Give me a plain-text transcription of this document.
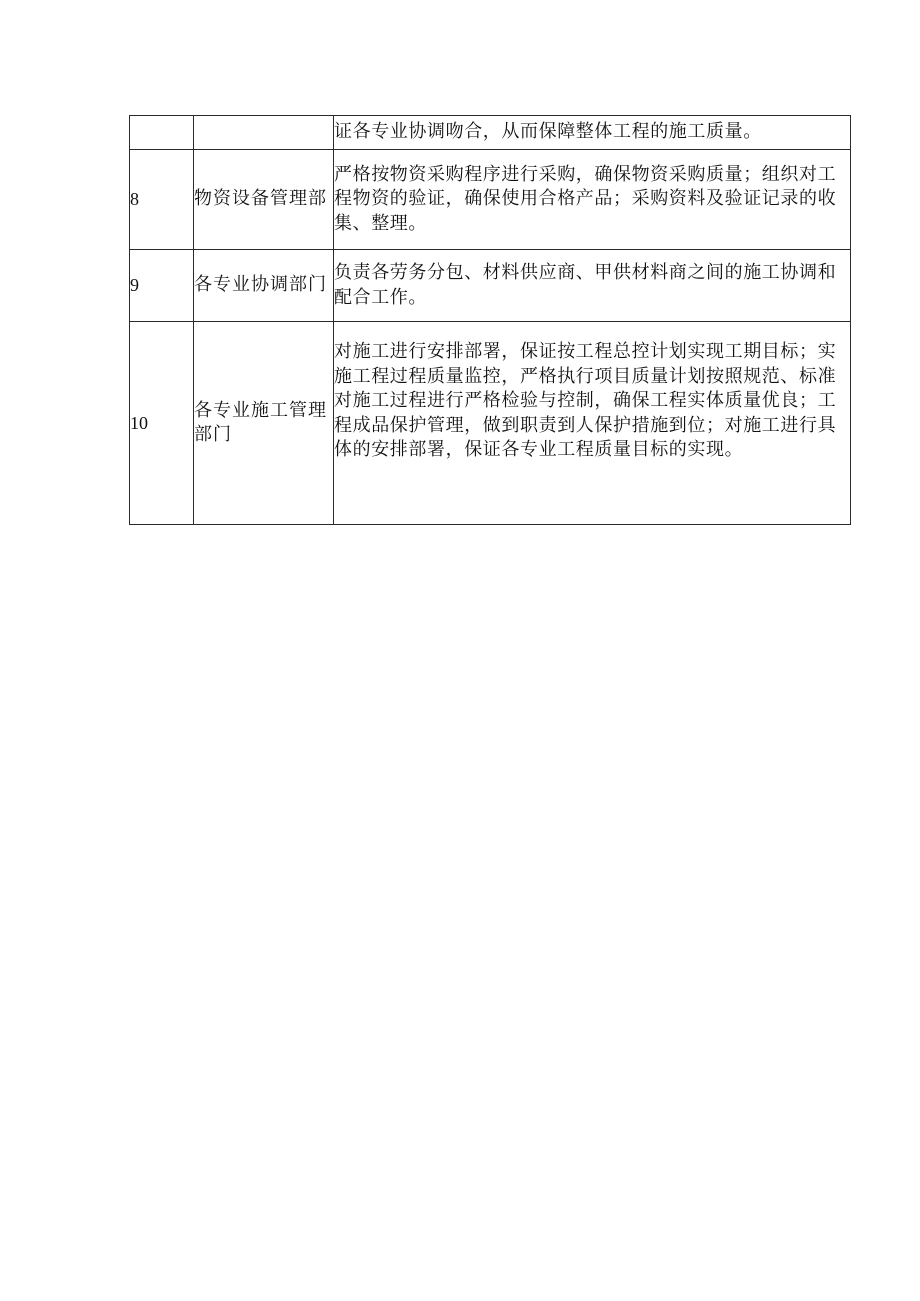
		证各专业协调吻合，从而保障整体工程的施工质量。
8	物资设备管理部	严格按物资采购程序进行采购，确保物资采购质量；组织对工程物资的验证，确保使用合格产品；采购资料及验证记录的收集、整理。
9	各专业协调部门	负责各劳务分包、材料供应商、甲供材料商之间的施工协调和配合工作。
10	各专业施工管理部门	对施工进行安排部署，保证按工程总控计划实现工期目标；实施工程过程质量监控，严格执行项目质量计划按照规范、标准对施工过程进行严格检验与控制，确保工程实体质量优良；工程成品保护管理，做到职责到人保护措施到位；对施工进行具体的安排部署，保证各专业工程质量目标的实现。
